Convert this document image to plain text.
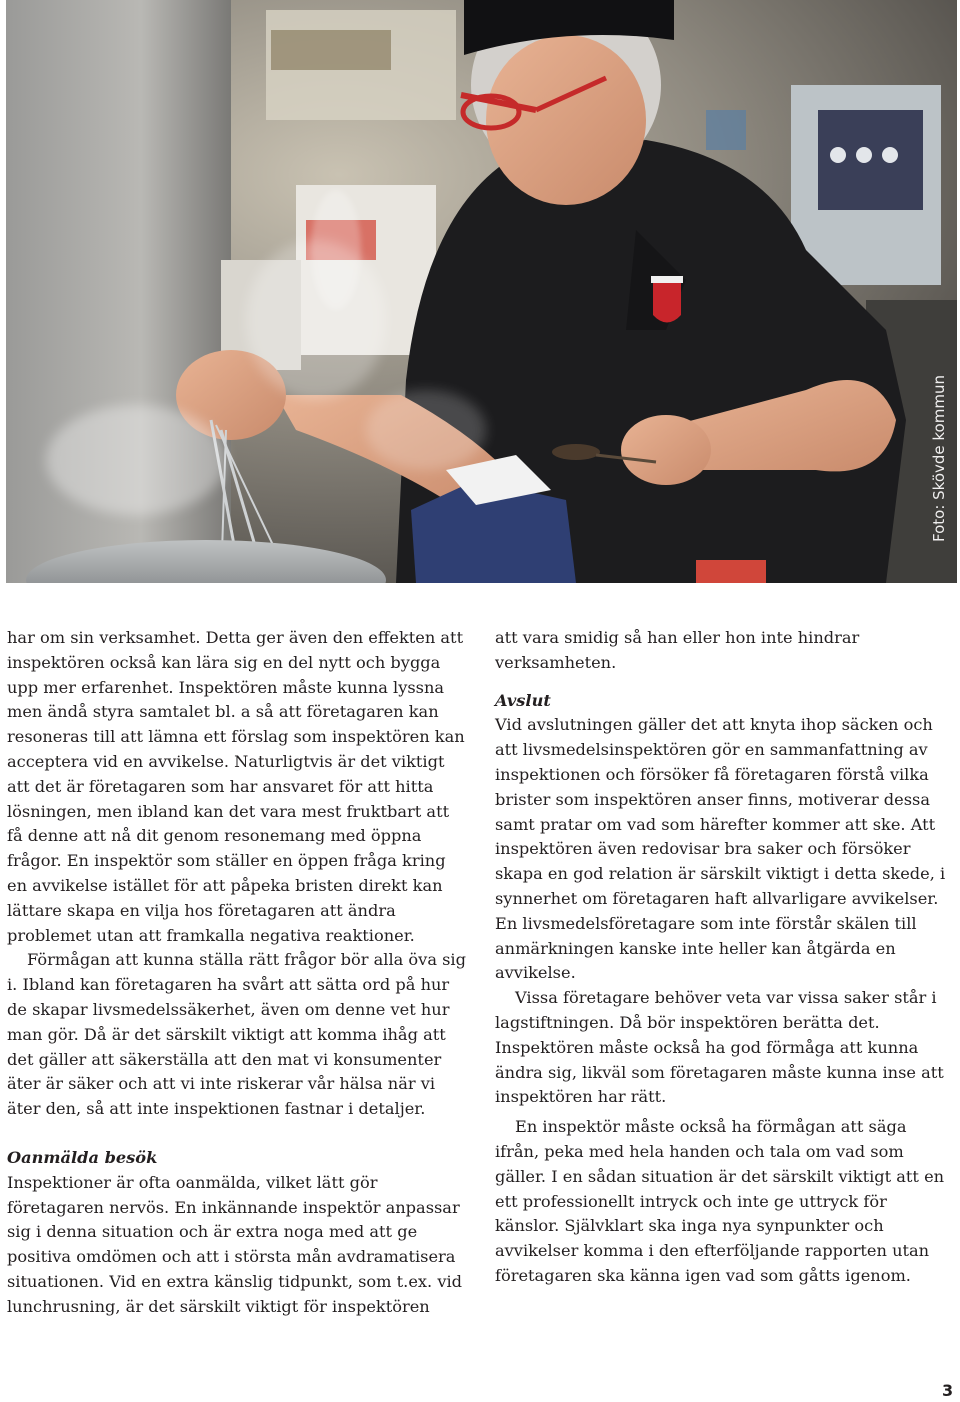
Foto: Skövde kommun

har om sin verksamhet. Detta ger även den effekten att inspektören också kan lära sig en del nytt och bygga upp mer erfarenhet. Inspektören måste kunna lyssna men ändå styra samtalet bl. a så att företagaren kan resoneras till att lämna ett förslag som inspektören kan acceptera vid en avvikelse. Naturligtvis är det viktigt att det är företagaren som har ansvaret för att hitta lösningen, men ibland kan det vara mest fruktbart att få denne att nå dit genom resonemang med öppna frågor. En inspektör som ställer en öppen fråga kring en avvikelse istället för att påpeka bristen direkt kan lättare skapa en vilja hos företagaren att ändra problemet utan att framkalla negativa reaktioner.

Förmågan att kunna ställa rätt frågor bör alla öva sig i. Ibland kan företagaren ha svårt att sätta ord på hur de skapar livsmedelssäkerhet, även om denne vet hur man gör. Då är det särskilt viktigt att komma ihåg att det gäller att säkerställa att den mat vi konsumenter äter är säker och att vi inte riskerar vår hälsa när vi äter den, så att inte inspektionen fastnar i detaljer.

Oanmälda besök

Inspektioner är ofta oanmälda, vilket lätt gör företagaren nervös. En inkännande inspektör anpassar sig i denna situation och är extra noga med att ge positiva omdömen och att i största mån avdramatisera situationen. Vid en extra känslig tidpunkt, som t.ex. vid lunchrusning, är det särskilt viktigt för inspektören

att vara smidig så han eller hon inte hindrar verksamheten.

Avslut

Vid avslutningen gäller det att knyta ihop säcken och att livsmedelsinspektören gör en sammanfattning av inspektionen och försöker få företagaren förstå vilka brister som inspektören anser finns, motiverar dessa samt pratar om vad som härefter kommer att ske. Att inspektören även redovisar bra saker och försöker skapa en god relation är särskilt viktigt i detta skede, i synnerhet om företagaren haft allvarligare avvikelser. En livsmedelsföretagare som inte förstår skälen till anmärkningen kanske inte heller kan åtgärda en avvikelse.

Vissa företagare behöver veta var vissa saker står i lagstiftningen. Då bör inspektören berätta det. Inspektören måste också ha god förmåga att kunna ändra sig, likväl som företagaren måste kunna inse att inspektören har rätt.

En inspektör måste också ha förmågan att säga ifrån, peka med hela handen och tala om vad som gäller. I en sådan situation är det särskilt viktigt att en ett professionellt intryck och inte ge uttryck för känslor. Självklart ska inga nya synpunkter och avvikelser komma i den efterföljande rapporten utan företagaren ska känna igen vad som gåtts igenom.

3
